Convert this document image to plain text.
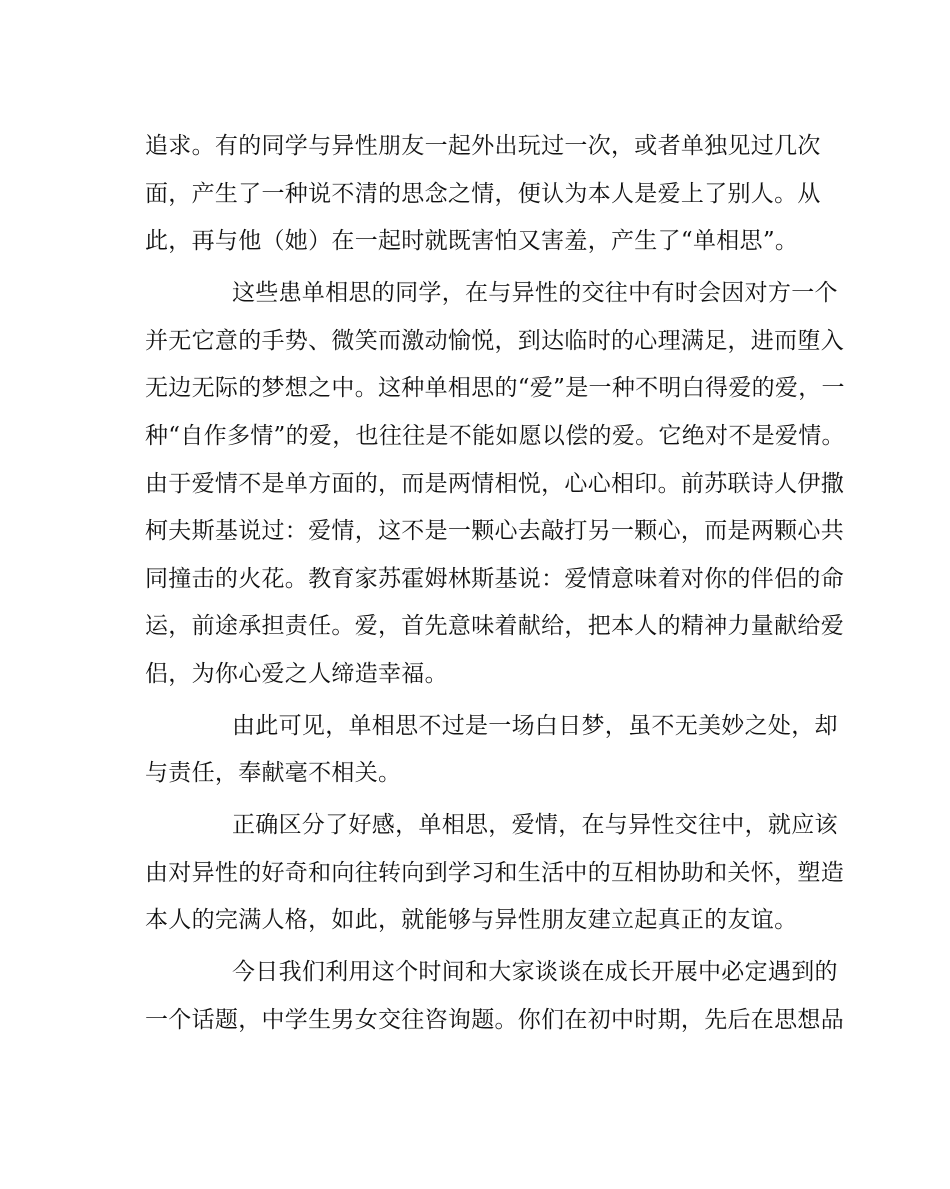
追求。有的同学与异性朋友一起外出玩过一次，或者单独见过几次
面，产生了一种说不清的思念之情，便认为本人是爱上了别人。从
此，再与他（她）在一起时就既害怕又害羞，产生了“单相思”。
这些患单相思的同学，在与异性的交往中有时会因对方一个
并无它意的手势、微笑而激动愉悦，到达临时的心理满足，进而堕入
无边无际的梦想之中。这种单相思的“爱”是一种不明白得爱的爱，一
种“自作多情”的爱，也往往是不能如愿以偿的爱。它绝对不是爱情。
由于爱情不是单方面的，而是两情相悦，心心相印。前苏联诗人伊撒
柯夫斯基说过：爱情，这不是一颗心去敲打另一颗心，而是两颗心共
同撞击的火花。教育家苏霍姆林斯基说：爱情意味着对你的伴侣的命
运，前途承担责任。爱，首先意味着献给，把本人的精神力量献给爱
侣，为你心爱之人缔造幸福。
由此可见，单相思不过是一场白日梦，虽不无美妙之处，却
与责任，奉献毫不相关。
正确区分了好感，单相思，爱情，在与异性交往中，就应该
由对异性的好奇和向往转向到学习和生活中的互相协助和关怀，塑造
本人的完满人格，如此，就能够与异性朋友建立起真正的友谊。
今日我们利用这个时间和大家谈谈在成长开展中必定遇到的
一个话题，中学生男女交往咨询题。你们在初中时期，先后在思想品
